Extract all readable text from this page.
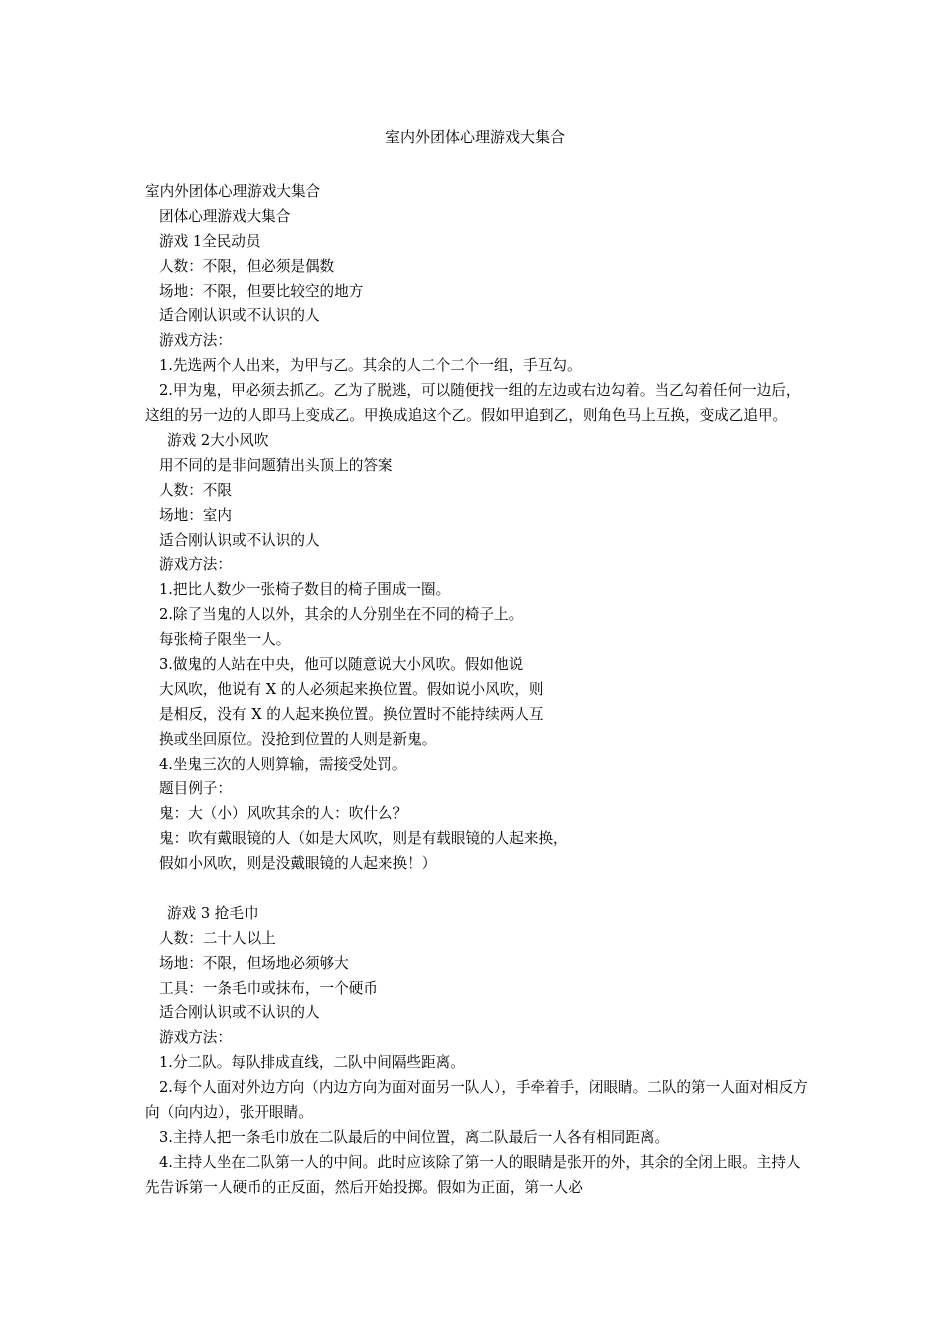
室内外团体心理游戏大集合

室内外团体心理游戏大集合

团体心理游戏大集合

游戏 1全民动员

人数：不限，但必须是偶数

场地：不限，但要比较空的地方

适合刚认识或不认识的人

游戏方法：

1.先选两个人出来，为甲与乙。其余的人二个二个一组，手互勾。

2.甲为鬼，甲必须去抓乙。乙为了脱逃，可以随便找一组的左边或右边勾着。当乙勾着任何一边后，这组的另一边的人即马上变成乙。甲换成追这个乙。假如甲追到乙，则角色马上互换，变成乙追甲。

游戏 2大小风吹

用不同的是非问题猜出头顶上的答案

人数：不限

场地：室内

适合刚认识或不认识的人

游戏方法：

1.把比人数少一张椅子数目的椅子围成一圈。

2.除了当鬼的人以外，其余的人分别坐在不同的椅子上。

每张椅子限坐一人。

3.做鬼的人站在中央，他可以随意说大小风吹。假如他说

大风吹，他说有 X 的人必须起来换位置。假如说小风吹，则

是相反，没有 X 的人起来换位置。换位置时不能持续两人互

换或坐回原位。没抢到位置的人则是新鬼。

4.坐鬼三次的人则算输，需接受处罚。

题目例子：

鬼：大（小）风吹其余的人：吹什么？

鬼：吹有戴眼镜的人（如是大风吹，则是有载眼镜的人起来换，

假如小风吹，则是没戴眼镜的人起来换！）

游戏 3 抢毛巾

人数：二十人以上

场地：不限，但场地必须够大

工具：一条毛巾或抹布，一个硬币

适合刚认识或不认识的人

游戏方法：

1.分二队。每队排成直线，二队中间隔些距离。

2.每个人面对外边方向（内边方向为面对面另一队人），手牵着手，闭眼睛。二队的第一人面对相反方向（向内边），张开眼睛。

3.主持人把一条毛巾放在二队最后的中间位置，离二队最后一人各有相同距离。

4.主持人坐在二队第一人的中间。此时应该除了第一人的眼睛是张开的外，其余的全闭上眼。主持人先告诉第一人硬币的正反面，然后开始投掷。假如为正面，第一人必
